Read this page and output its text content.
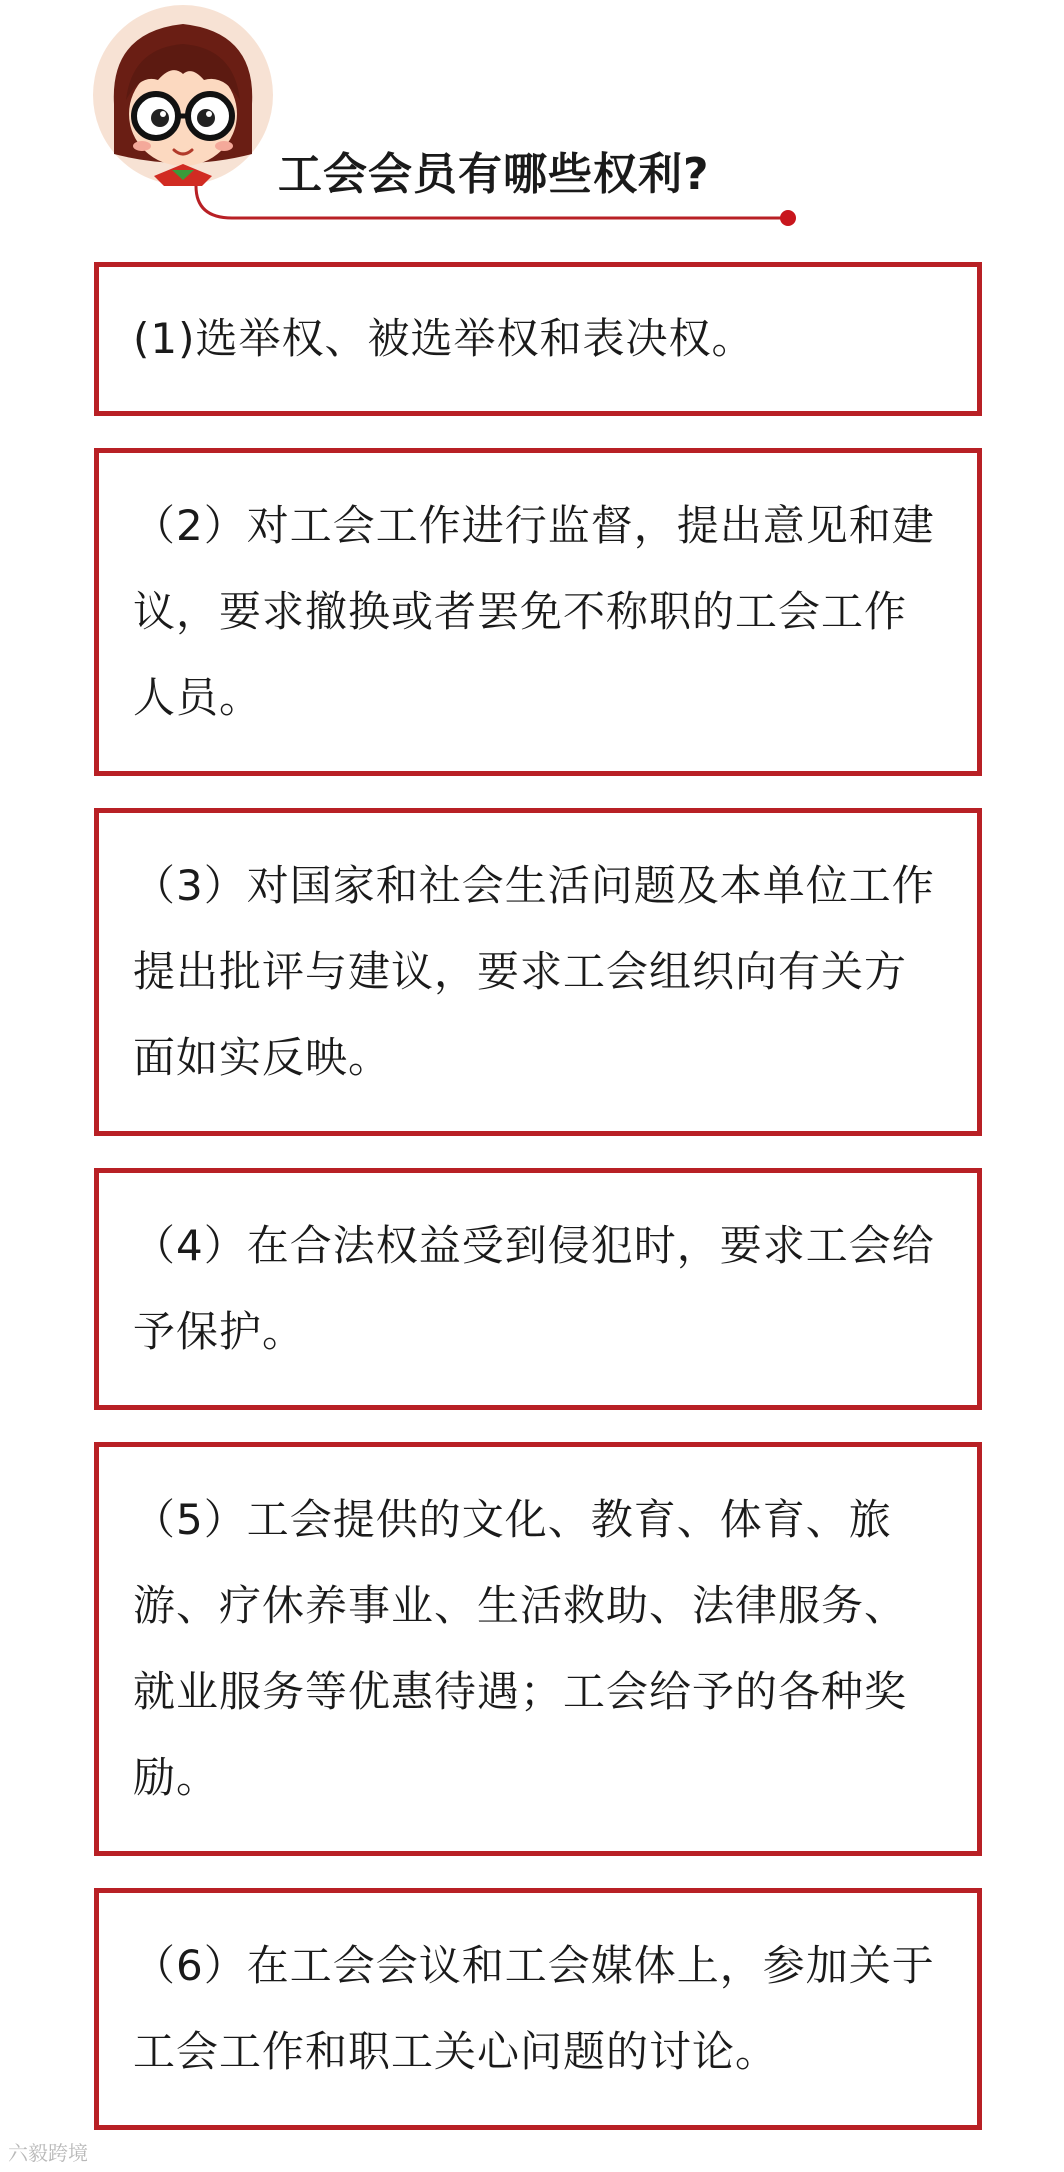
工会会员有哪些权利?

(1)选举权、被选举权和表决权。

（2）对工会工作进行监督，提出意见和建议，要求撤换或者罢免不称职的工会工作人员。

（3）对国家和社会生活问题及本单位工作提出批评与建议，要求工会组织向有关方面如实反映。

（4）在合法权益受到侵犯时，要求工会给予保护。

（5）工会提供的文化、教育、体育、旅游、疗休养事业、生活救助、法律服务、就业服务等优惠待遇；工会给予的各种奖励。

（6）在工会会议和工会媒体上，参加关于工会工作和职工关心问题的讨论。

六毅跨境
